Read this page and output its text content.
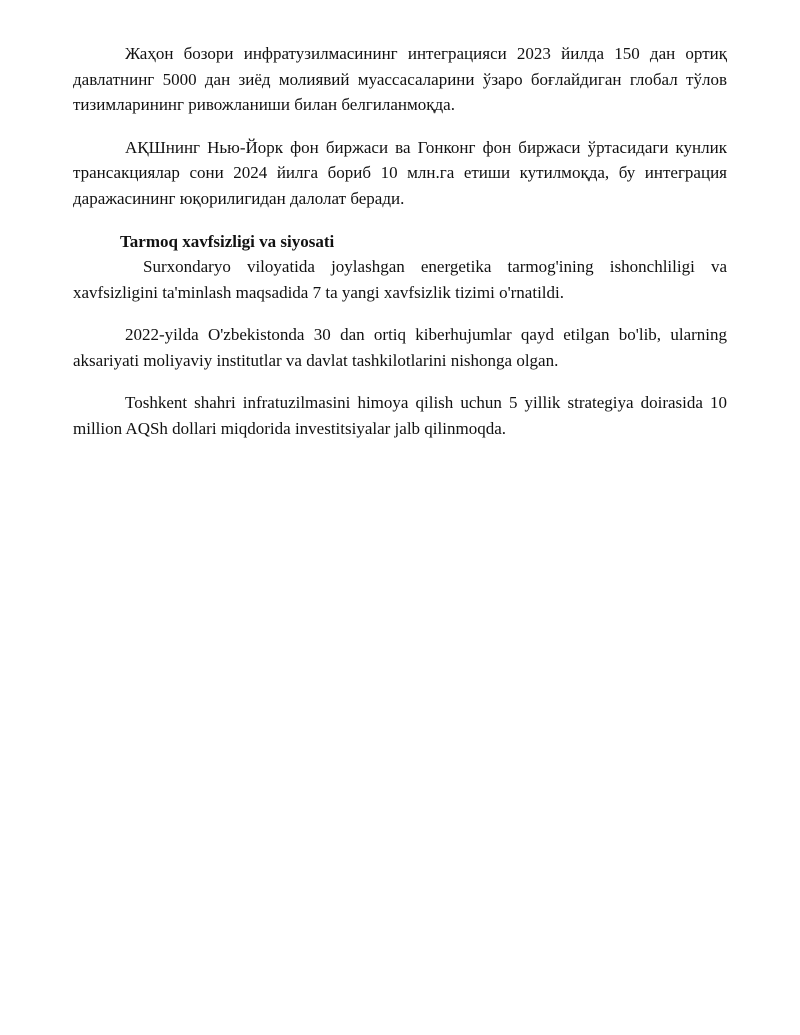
Жаҳон бозори инфратузилмасининг интеграцияси 2023 йилда 150 дан ортиқ давлатнинг 5000 дан зиёд молиявий муассасаларини ўзаро боғлайдиган глобал тўлов тизимларининг ривожланиши билан белгиланмоқда.

АҚШнинг Нью-Йорк фон биржаси ва Гонконг фон биржаси ўртасидаги кунлик трансакциялар сони 2024 йилга бориб 10 млн.га етиши кутилмоқда, бу интеграция даражасининг юқорилигидан далолат беради.

Tarmoq xavfsizligi va siyosati

Surxondaryo viloyatida joylashgan energetika tarmog'ining ishonchliligi va xavfsizligini ta'minlash maqsadida 7 ta yangi xavfsizlik tizimi o'rnatildi.

2022-yilda O'zbekistonda 30 dan ortiq kiberhujumlar qayd etilgan bo'lib, ularning aksariyati moliyaviy institutlar va davlat tashkilotlarini nishonga olgan.

Toshkent shahri infratuzilmasini himoya qilish uchun 5 yillik strategiya doirasida 10 million AQSh dollari miqdorida investitsiyalar jalb qilinmoqda.
